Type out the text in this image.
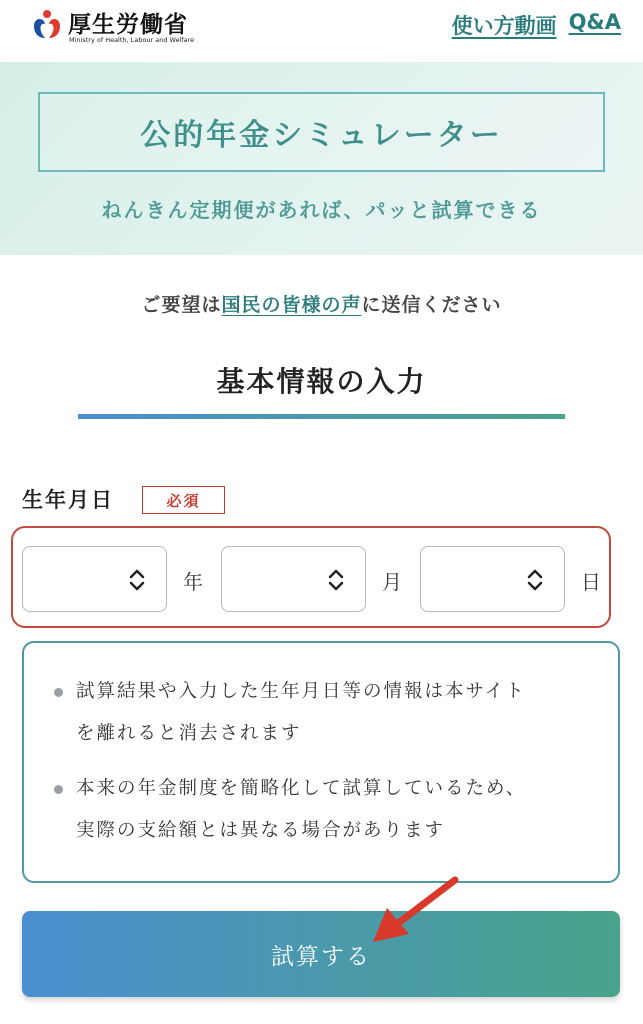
厚生労働省
Ministry of Health, Labour and Welfare
使い方動画 Q&A
公的年金シミュレーター
ねんきん定期便があれば、パッと試算できる
ご要望は国民の皆様の声に送信ください
基本情報の入力
生年月日	必須
年	月	日
試算結果や入力した生年月日等の情報は本サイト
を離れると消去されます
本来の年金制度を簡略化して試算しているため、
実際の支給額とは異なる場合があります
試算する
